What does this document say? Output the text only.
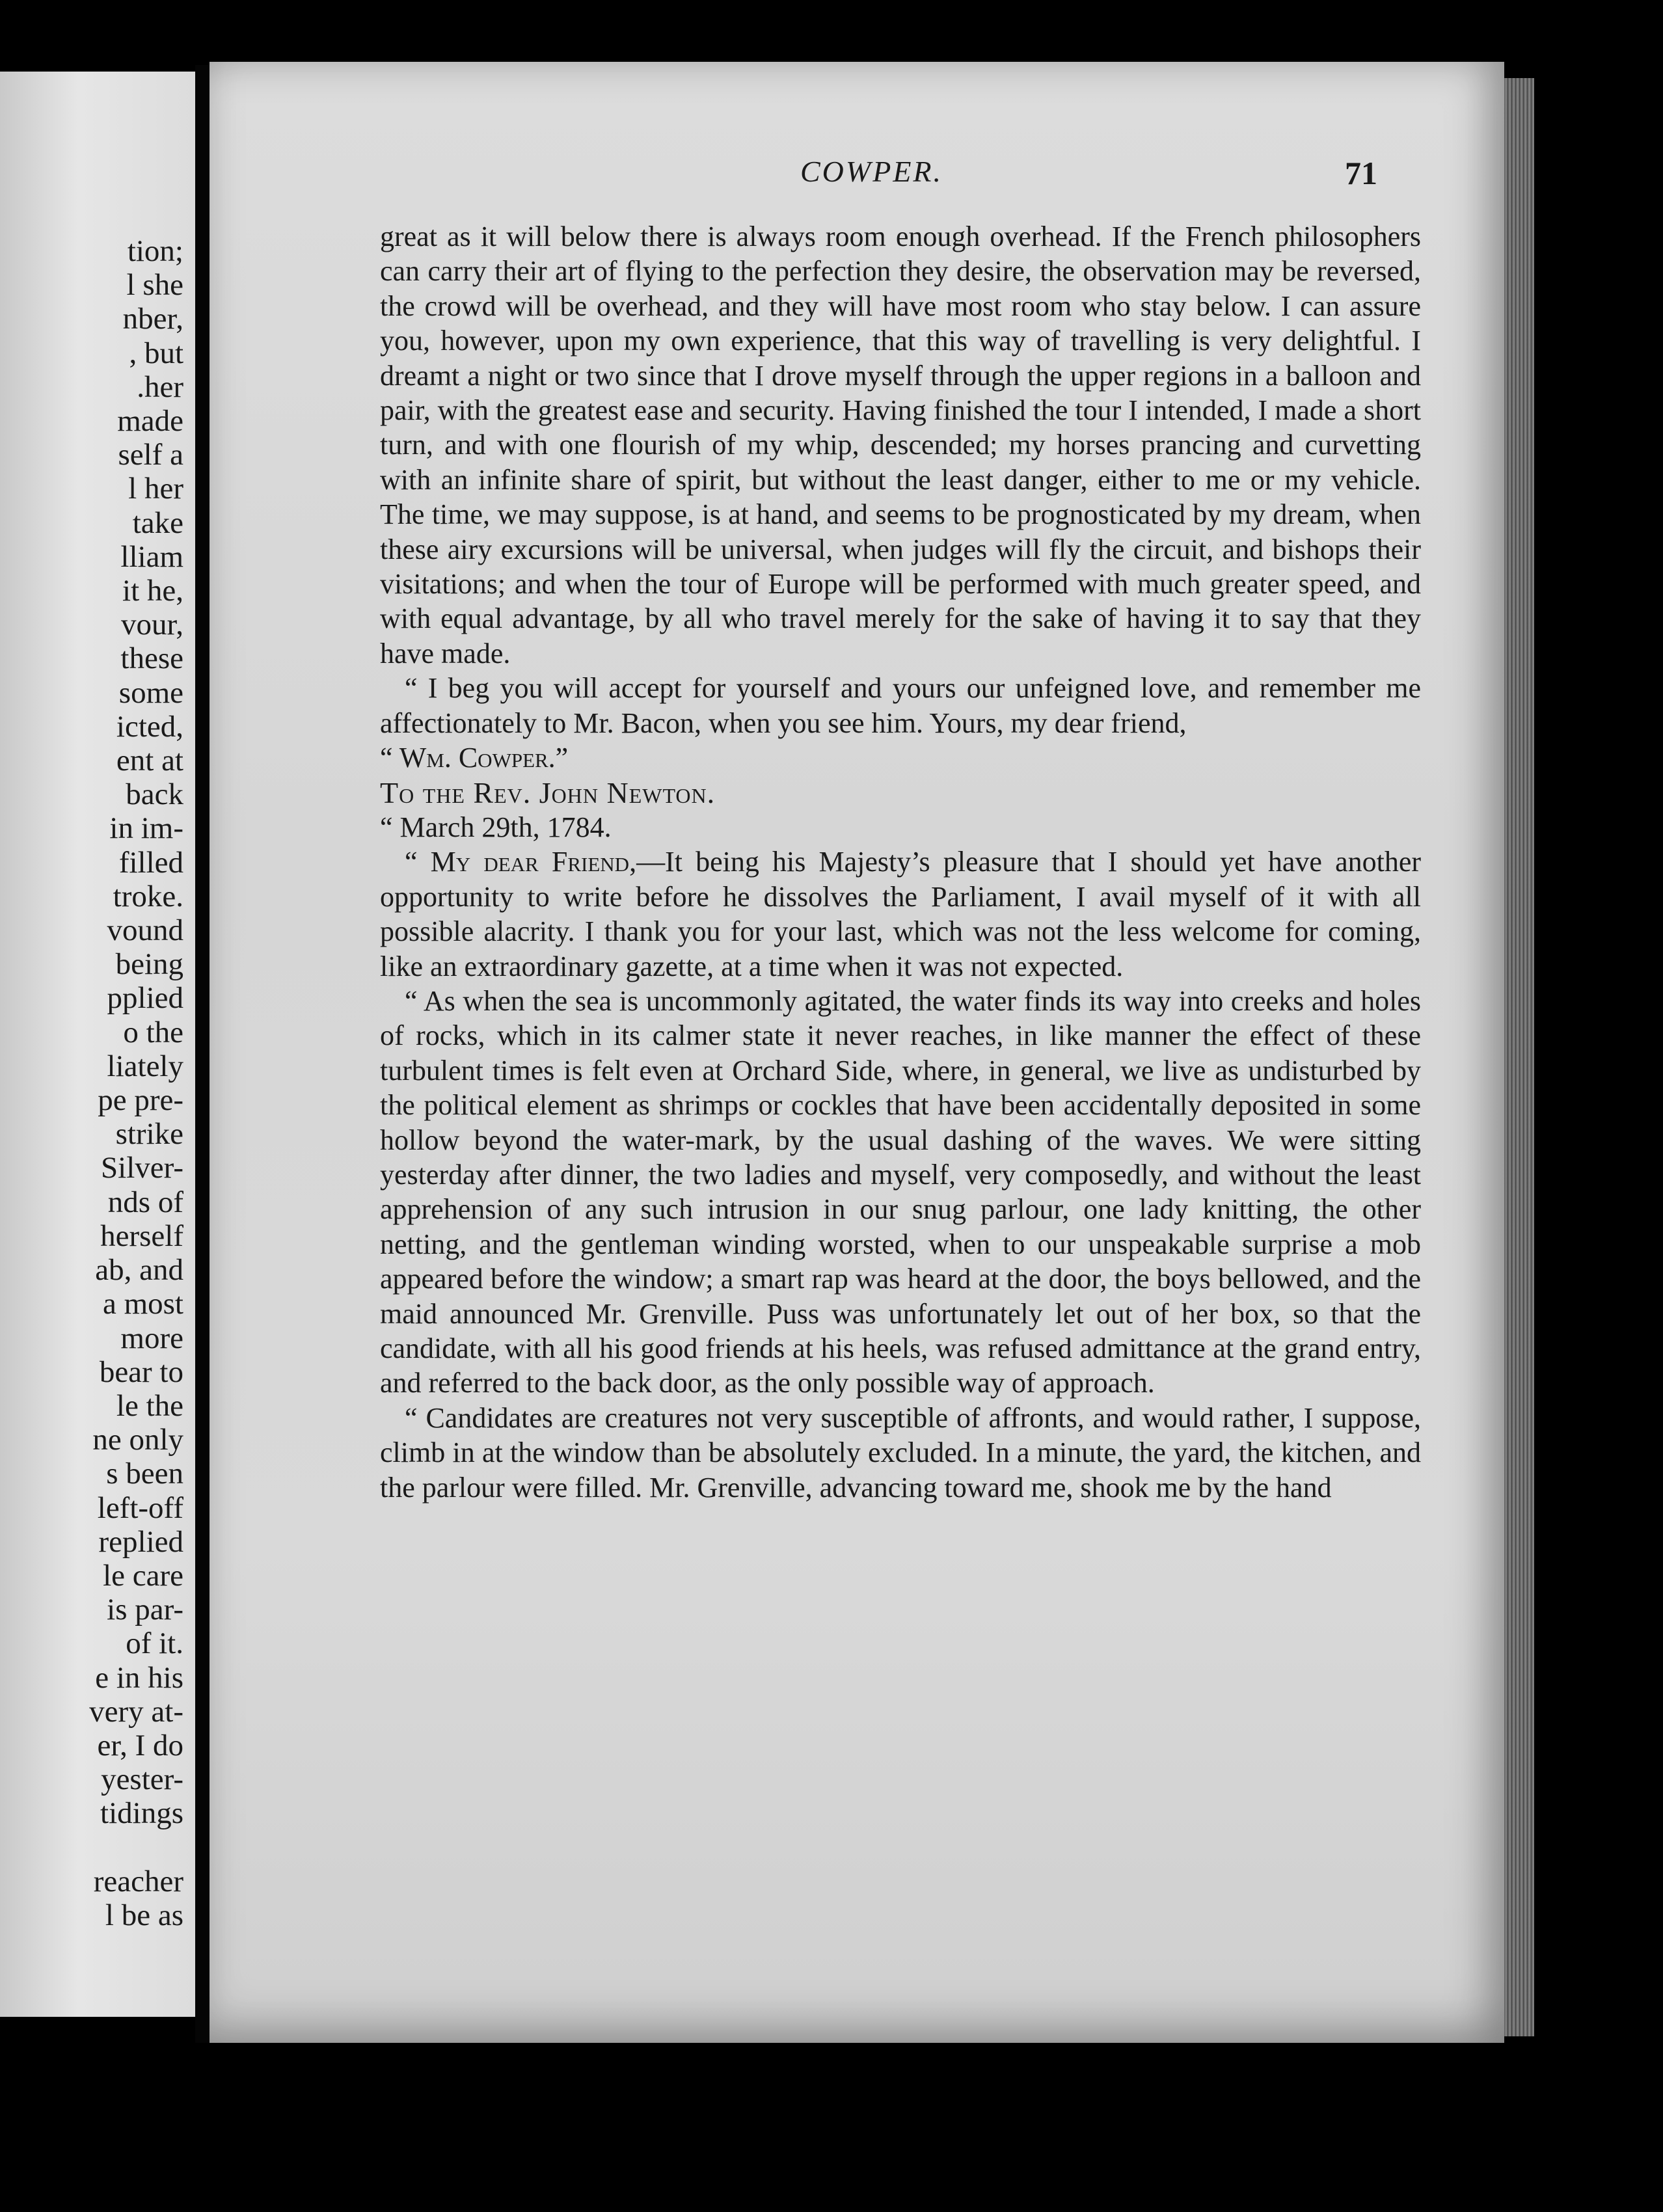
tion;
l she
nber,
, but
.her
made
self a
l her
take
lliam
it he,
vour,
these
some
icted,
ent at
back
in im-
filled
troke.
vound
being
pplied
o the
liately
pe pre-
strike
Silver-
nds of
herself
ab, and
a most
more
bear to
le the
ne only
s been
left-off
replied
le care
is par-
of it.
e in his
very at-
er, I do
yester-
tidings

reacher
l be as
COWPER.	71

great as it will below there is always room enough overhead. If the French philosophers can carry their art of flying to the perfection they desire, the observation may be reversed, the crowd will be overhead, and they will have most room who stay below. I can assure you, however, upon my own experience, that this way of travelling is very delightful. I dreamt a night or two since that I drove myself through the upper regions in a balloon and pair, with the greatest ease and security. Having finished the tour I intended, I made a short turn, and with one flourish of my whip, descended; my horses prancing and curvetting with an infinite share of spirit, but without the least danger, either to me or my vehicle. The time, we may suppose, is at hand, and seems to be prognosticated by my dream, when these airy excursions will be universal, when judges will fly the circuit, and bishops their visitations; and when the tour of Europe will be performed with much greater speed, and with equal advantage, by all who travel merely for the sake of having it to say that they have made.

“ I beg you will accept for yourself and yours our unfeigned love, and remember me affectionately to Mr. Bacon, when you see him. Yours, my dear friend,

“ Wm. Cowper.”

To the Rev. John Newton.

“ March 29th, 1784.

“ My dear Friend,—It being his Majesty’s pleasure that I should yet have another opportunity to write before he dissolves the Parliament, I avail myself of it with all possible alacrity. I thank you for your last, which was not the less welcome for coming, like an extraordinary gazette, at a time when it was not expected.

“ As when the sea is uncommonly agitated, the water finds its way into creeks and holes of rocks, which in its calmer state it never reaches, in like manner the effect of these turbulent times is felt even at Orchard Side, where, in general, we live as undisturbed by the political element as shrimps or cockles that have been accidentally deposited in some hollow beyond the water-mark, by the usual dashing of the waves. We were sitting yesterday after dinner, the two ladies and myself, very composedly, and without the least apprehension of any such intrusion in our snug parlour, one lady knitting, the other netting, and the gentleman winding worsted, when to our unspeakable surprise a mob appeared before the window; a smart rap was heard at the door, the boys bellowed, and the maid announced Mr. Grenville. Puss was unfortunately let out of her box, so that the candidate, with all his good friends at his heels, was refused admittance at the grand entry, and referred to the back door, as the only possible way of approach.

“ Candidates are creatures not very susceptible of affronts, and would rather, I suppose, climb in at the window than be absolutely excluded. In a minute, the yard, the kitchen, and the parlour were filled. Mr. Grenville, advancing toward me, shook me by the hand
